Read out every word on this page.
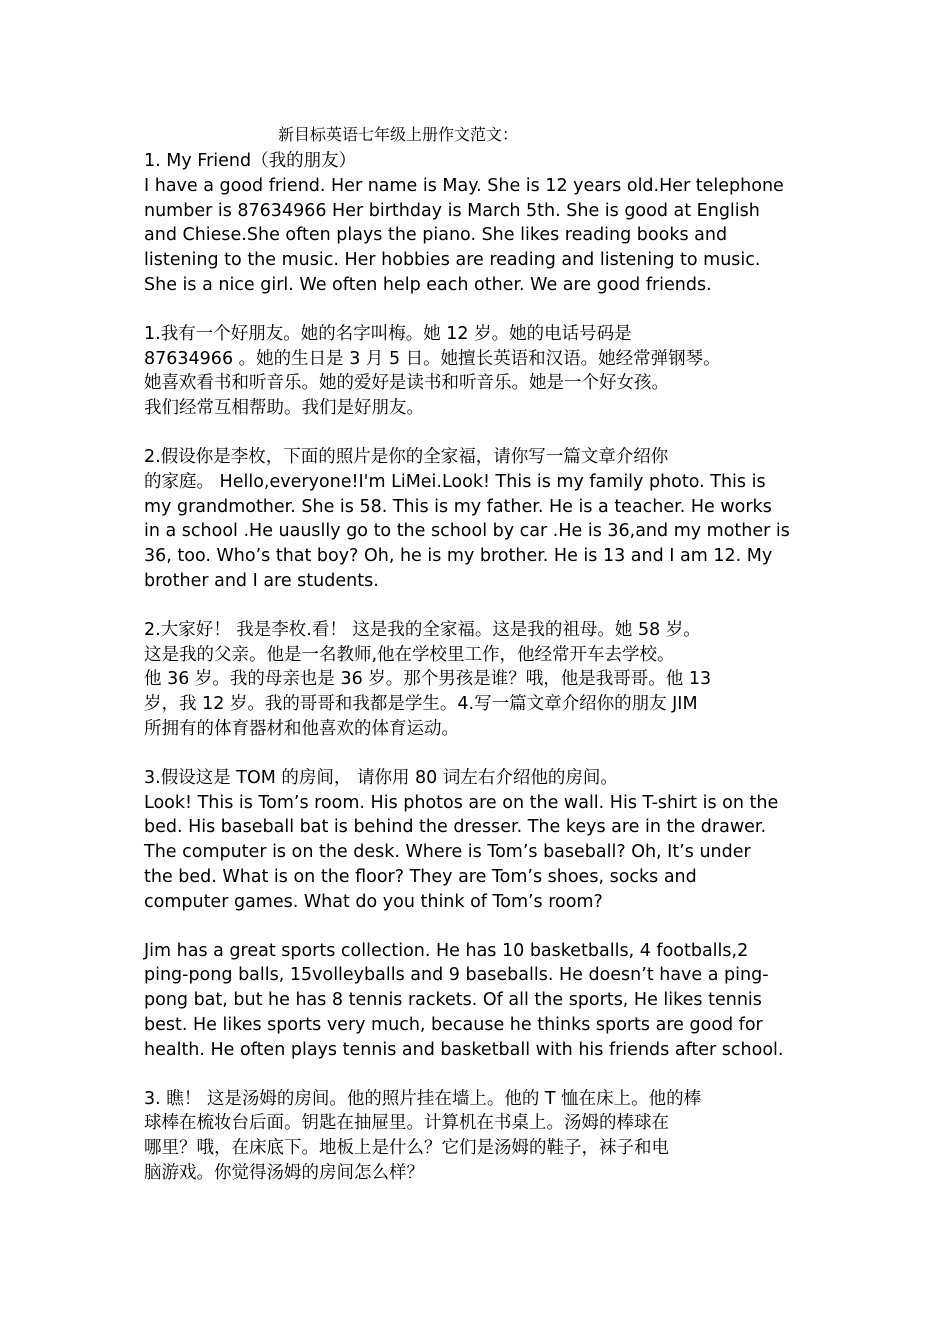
新目标英语七年级上册作文范文：
1. My Friend（我的朋友）
I have a good friend. Her name is May. She is 12 years old.Her telephone
number is 87634966 Her birthday is March 5th. She is good at English
and Chiese.She often plays the piano. She likes reading books and
listening to the music. Her hobbies are reading and listening to music.
She is a nice girl. We often help each other. We are good friends.
1.我有一个好朋友。她的名字叫梅。她 12 岁。她的电话号码是
87634966 。她的生日是 3 月 5 日。她擅长英语和汉语。她经常弹钢琴。
她喜欢看书和听音乐。她的爱好是读书和听音乐。她是一个好女孩。
我们经常互相帮助。我们是好朋友。
2.假设你是李枚，下面的照片是你的全家福，请你写一篇文章介绍你
的家庭。 Hello,everyone!I'm LiMei.Look! This is my family photo. This is
my grandmother. She is 58. This is my father. He is a teacher. He works
in a school .He uauslly go to the school by car .He is 36,and my mother is
36, too. Who’s that boy? Oh, he is my brother. He is 13 and I am 12. My
brother and I are students.
2.大家好！ 我是李枚.看！ 这是我的全家福。这是我的祖母。她 58 岁。
这是我的父亲。他是一名教师,他在学校里工作，他经常开车去学校。
他 36 岁。我的母亲也是 36 岁。那个男孩是谁？哦，他是我哥哥。他 13
岁，我 12 岁。我的哥哥和我都是学生。4.写一篇文章介绍你的朋友 JIM
所拥有的体育器材和他喜欢的体育运动。
3.假设这是 TOM 的房间， 请你用 80 词左右介绍他的房间。
Look! This is Tom’s room. His photos are on the wall. His T-shirt is on the
bed. His baseball bat is behind the dresser. The keys are in the drawer.
The computer is on the desk. Where is Tom’s baseball? Oh, It’s under
the bed. What is on the floor? They are Tom’s shoes, socks and
computer games. What do you think of Tom’s room?
Jim has a great sports collection. He has 10 basketballs, 4 footballs,2
ping-pong balls, 15volleyballs and 9 baseballs. He doesn’t have a ping-
pong bat, but he has 8 tennis rackets. Of all the sports, He likes tennis
best. He likes sports very much, because he thinks sports are good for
health. He often plays tennis and basketball with his friends after school.
3. 瞧！ 这是汤姆的房间。他的照片挂在墙上。他的 T 恤在床上。他的棒
球棒在梳妆台后面。钥匙在抽屉里。计算机在书桌上。汤姆的棒球在
哪里？哦，在床底下。地板上是什么？它们是汤姆的鞋子，袜子和电
脑游戏。你觉得汤姆的房间怎么样？
